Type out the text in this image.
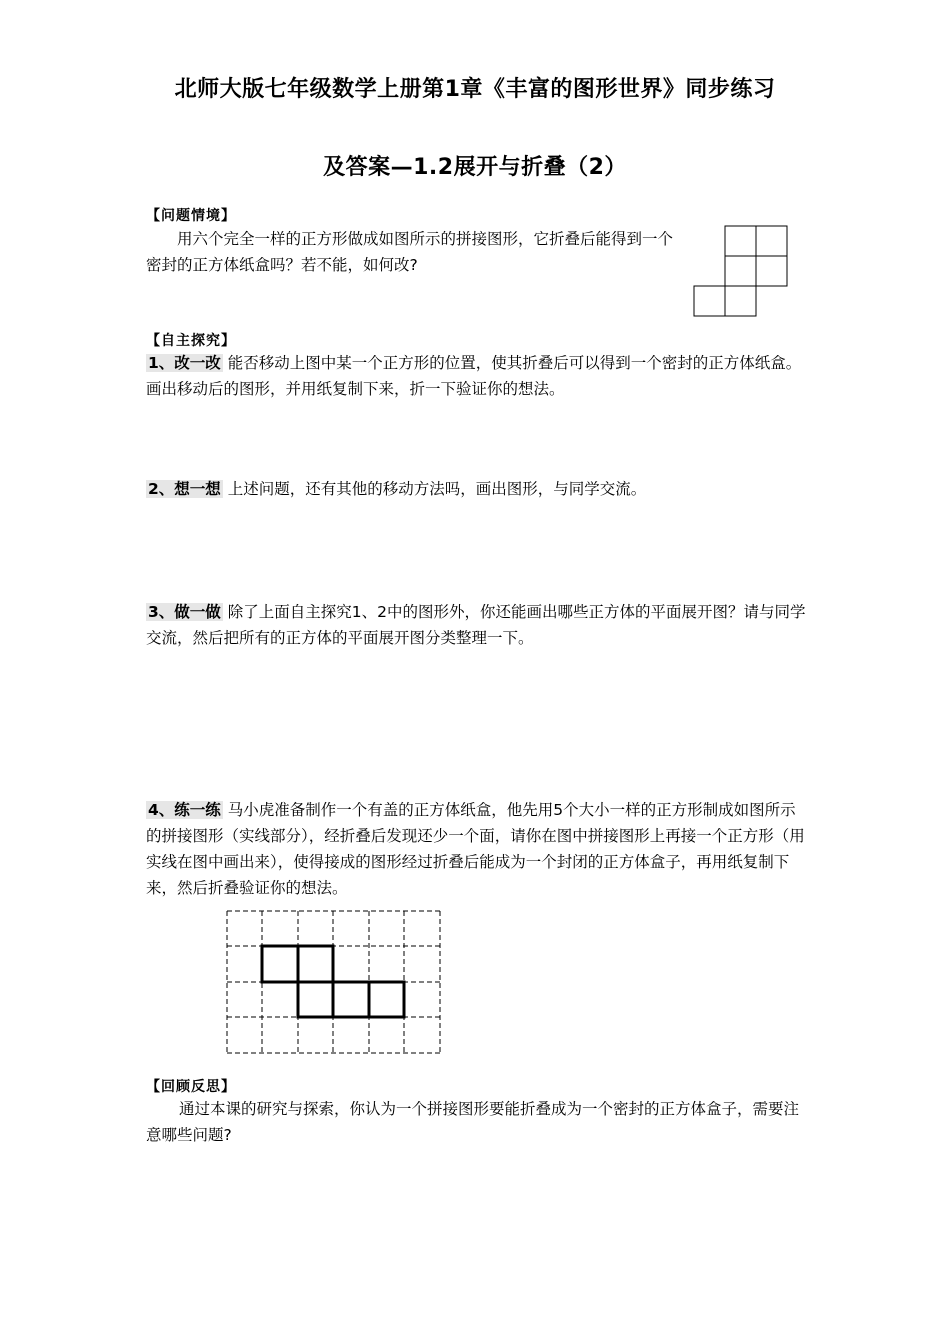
北师大版七年级数学上册第1章《丰富的图形世界》同步练习
及答案—1.2展开与折叠（2）
【问题情境】
用六个完全一样的正方形做成如图所示的拼接图形，它折叠后能得到一个密封的正方体纸盒吗？若不能，如何改?
【自主探究】
1、改一改 能否移动上图中某一个正方形的位置，使其折叠后可以得到一个密封的正方体纸盒。画出移动后的图形，并用纸复制下来，折一下验证你的想法。
2、想一想 上述问题，还有其他的移动方法吗，画出图形，与同学交流。
3、做一做 除了上面自主探究1、2中的图形外，你还能画出哪些正方体的平面展开图？请与同学交流，然后把所有的正方体的平面展开图分类整理一下。
4、练一练 马小虎准备制作一个有盖的正方体纸盒，他先用5个大小一样的正方形制成如图所示的拼接图形（实线部分），经折叠后发现还少一个面，请你在图中拼接图形上再接一个正方形（用实线在图中画出来），使得接成的图形经过折叠后能成为一个封闭的正方体盒子，再用纸复制下来，然后折叠验证你的想法。
【回顾反思】
通过本课的研究与探索，你认为一个拼接图形要能折叠成为一个密封的正方体盒子，需要注意哪些问题?
